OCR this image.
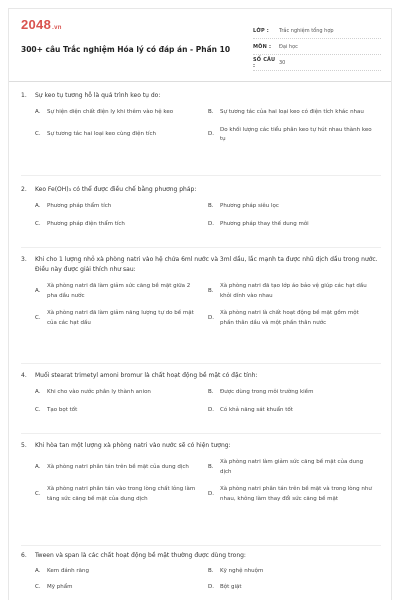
2048.vn
300+ câu Trắc nghiệm Hóa lý có đáp án - Phần 10
LỚP :	Trắc nghiệm tổng hợp
MÔN :	Đại học
SỐ CÂU :	30
1. Sự keo tụ tương hỗ là quá trình keo tụ do:
A.	Sự hiện diện chất điện ly khi thêm vào hệ keo	B.	Sự tương tác của hai loại keo có điện tích khác nhau
C.	Sự tương tác hai loại keo cùng điện tích	D.
Do khối lượng các tiểu phân keo tự hút nhau thành keo tụ
2. Keo Fe(OH)₃ có thể được điều chế bằng phương pháp:
A.	Phương pháp thẩm tích	B.	Phương pháp siêu lọc
C.	Phương pháp điện thẩm tích	D.	Phương pháp thay thế dung môi
3. Khi cho 1 lượng nhỏ xà phòng natri vào hệ chứa 6ml nước và 3ml dầu, lắc mạnh ta được nhũ dịch dầu trong nước. Điều này được giải thích như sau:
A.
Xà phòng natri đã làm giảm sức căng bề mặt giữa 2 pha dầu nước
B.
Xà phòng natri đã tạo lớp áo bảo vệ giúp các hạt dầu khỏi dính vào nhau
C.
Xà phòng natri đã làm giảm năng lượng tự do bề mặt của các hạt dầu
D.
Xà phòng natri là chất hoạt động bề mặt gồm một phần thân dầu và một phần thân nước
4. Muối stearat trimetyl amoni bromur là chất hoạt động bề mặt có đặc tính:
A.	Khi cho vào nước phân ly thành anion	B.	Được dùng trong môi trường kiềm
C.	Tạo bọt tốt	D.	Có khả năng sát khuẩn tốt
5. Khi hòa tan một lượng xà phòng natri vào nước sẽ có hiện tượng:
A.	Xà phòng natri phân tán trên bề mặt của dung dịch	B.
Xà phòng natri làm giảm sức căng bề mặt của dung dịch
C.
Xà phòng natri phân tán vào trong lòng chất lỏng làm tăng sức căng bề mặt của dung dịch
D.
Xà phòng natri phân tán trên bề mặt và trong lòng như nhau, không làm thay đổi sức căng bề mặt
6. Tween và span là các chất hoạt động bề mặt thường được dùng trong:
A.	Kem đánh răng	B.	Kỹ nghệ nhuộm
C.	Mỹ phẩm	D.	Bột giặt
